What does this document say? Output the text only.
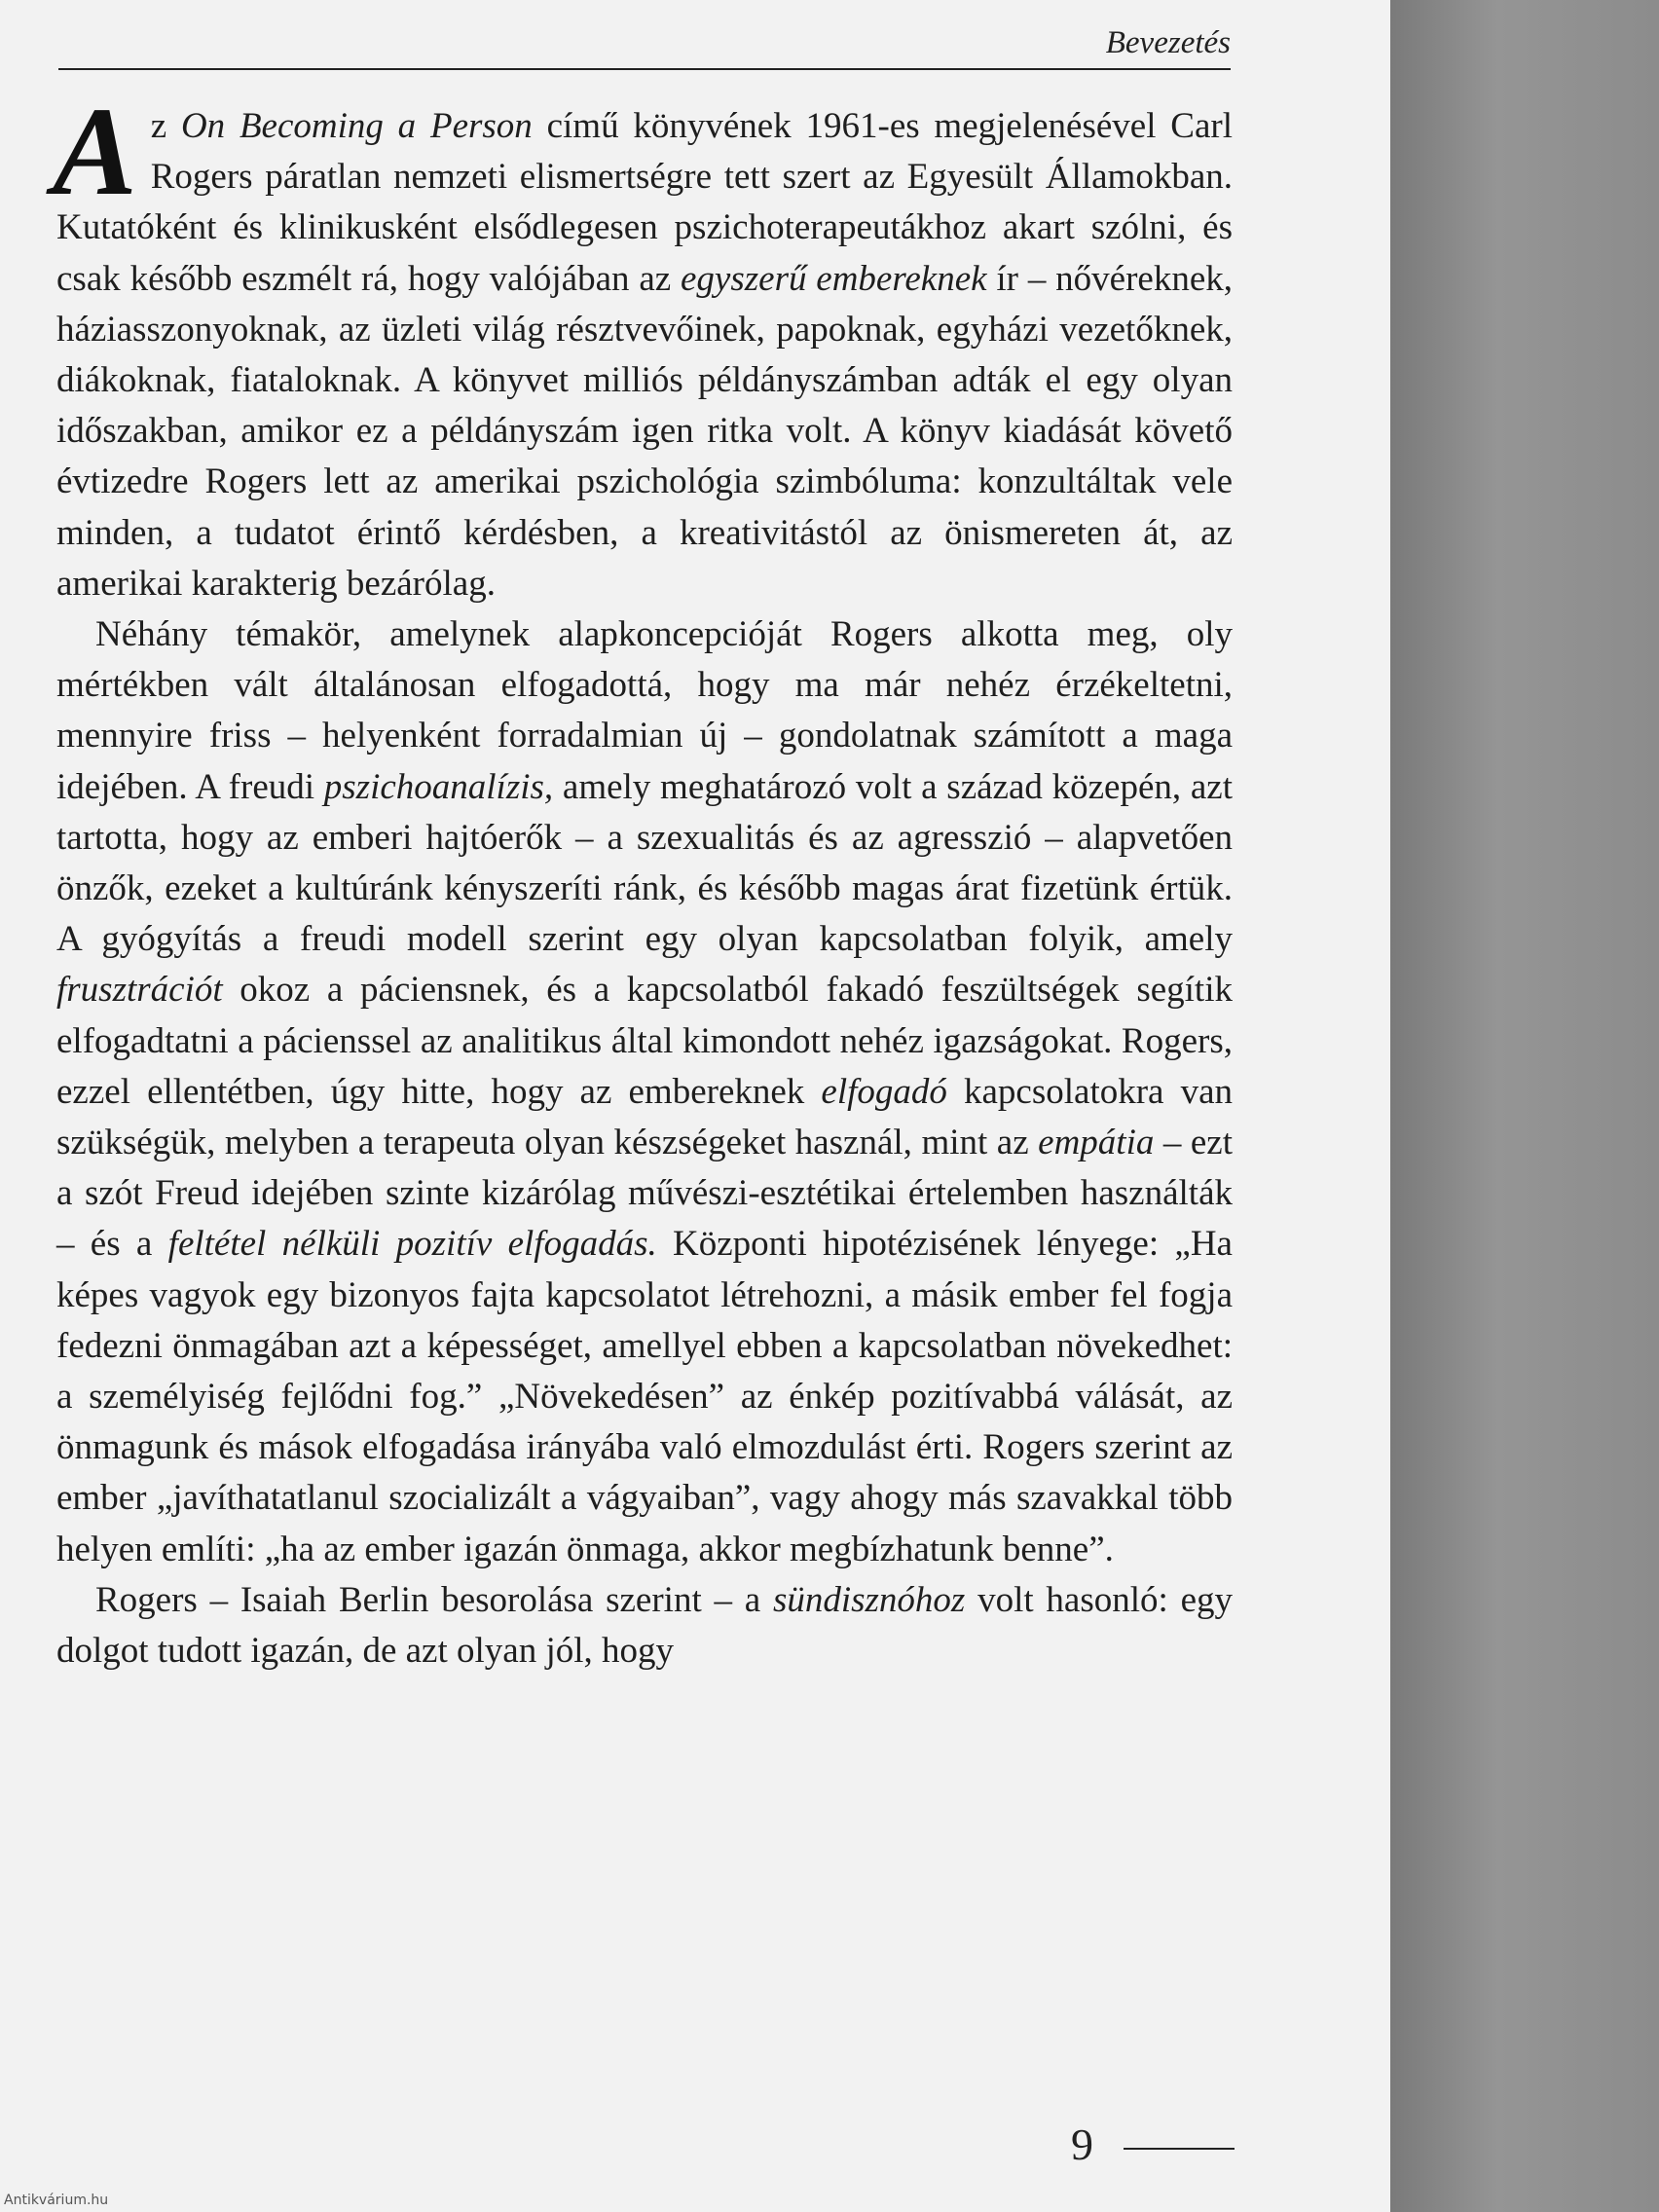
Bevezetés

A z On Becoming a Person című könyvének 1961-es megjelenésével Carl Rogers páratlan nemzeti elismertségre tett szert az Egyesült Államokban. Kutatóként és klinikusként elsődlegesen pszichoterapeutákhoz akart szólni, és csak később eszmélt rá, hogy valójában az egyszerű embereknek ír – nővéreknek, háziasszonyoknak, az üzleti világ résztvevőinek, papoknak, egyházi vezetőknek, diákoknak, fiataloknak. A könyvet milliós példányszámban adták el egy olyan időszakban, amikor ez a példányszám igen ritka volt. A könyv kiadását követő évtizedre Rogers lett az amerikai pszichológia szimbóluma: konzultáltak vele minden, a tudatot érintő kérdésben, a kreativitástól az önismereten át, az amerikai karakterig bezárólag.

Néhány témakör, amelynek alapkoncepcióját Rogers alkotta meg, oly mértékben vált általánosan elfogadottá, hogy ma már nehéz érzékeltetni, mennyire friss – helyenként forradalmian új – gondolatnak számított a maga idejében. A freudi pszichoanalízis, amely meghatározó volt a század közepén, azt tartotta, hogy az emberi hajtóerők – a szexualitás és az agresszió – alapvetően önzők, ezeket a kultúránk kényszeríti ránk, és később magas árat fizetünk értük. A gyógyítás a freudi modell szerint egy olyan kapcsolatban folyik, amely frusztrációt okoz a páciensnek, és a kapcsolatból fakadó feszültségek segítik elfogadtatni a pácienssel az analitikus által kimondott nehéz igazságokat. Rogers, ezzel ellentétben, úgy hitte, hogy az embereknek elfogadó kapcsolatokra van szükségük, melyben a terapeuta olyan készségeket használ, mint az empátia – ezt a szót Freud idejében szinte kizárólag művészi-esztétikai értelemben használták – és a feltétel nélküli pozitív elfogadás. Központi hipotézisének lényege: „Ha képes vagyok egy bizonyos fajta kapcsolatot létrehozni, a másik ember fel fogja fedezni önmagában azt a képességet, amellyel ebben a kapcsolatban növekedhet: a személyiség fejlődni fog.” „Növekedésen” az énkép pozitívabbá válását, az önmagunk és mások elfogadása irányába való elmozdulást érti. Rogers szerint az ember „javíthatatlanul szocializált a vágyaiban”, vagy ahogy más szavakkal több helyen említi: „ha az ember igazán önmaga, akkor megbízhatunk benne”.

Rogers – Isaiah Berlin besorolása szerint – a sündisznóhoz volt hasonló: egy dolgot tudott igazán, de azt olyan jól, hogy

9
Antikvárium.hu
